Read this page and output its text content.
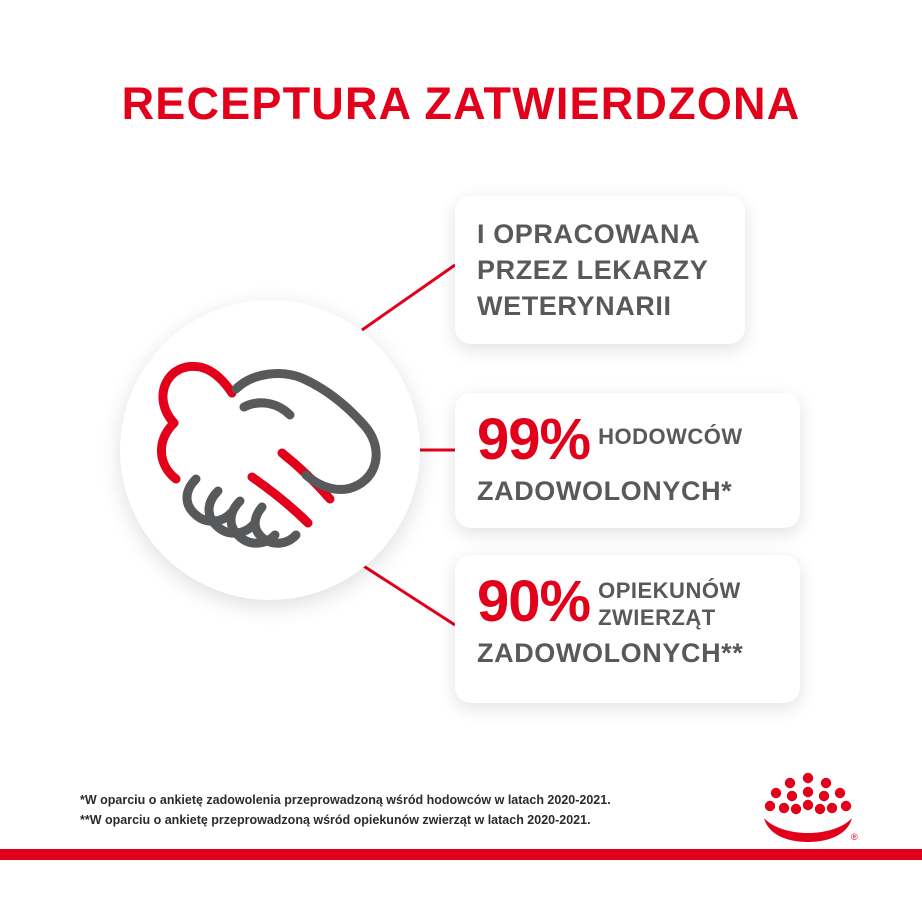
RECEPTURA ZATWIERDZONA
I OPRACOWANA
PRZEZ LEKARZY
WETERYNARII
99% HODOWCÓW
ZADOWOLONYCH*
90% OPIEKUNÓW
ZWIERZĄT
ZADOWOLONYCH**
*W oparciu o ankietę zadowolenia przeprowadzoną wśród hodowców w latach 2020-2021.
**W oparciu o ankietę przeprowadzoną wśród opiekunów zwierząt w latach 2020-2021.
®
